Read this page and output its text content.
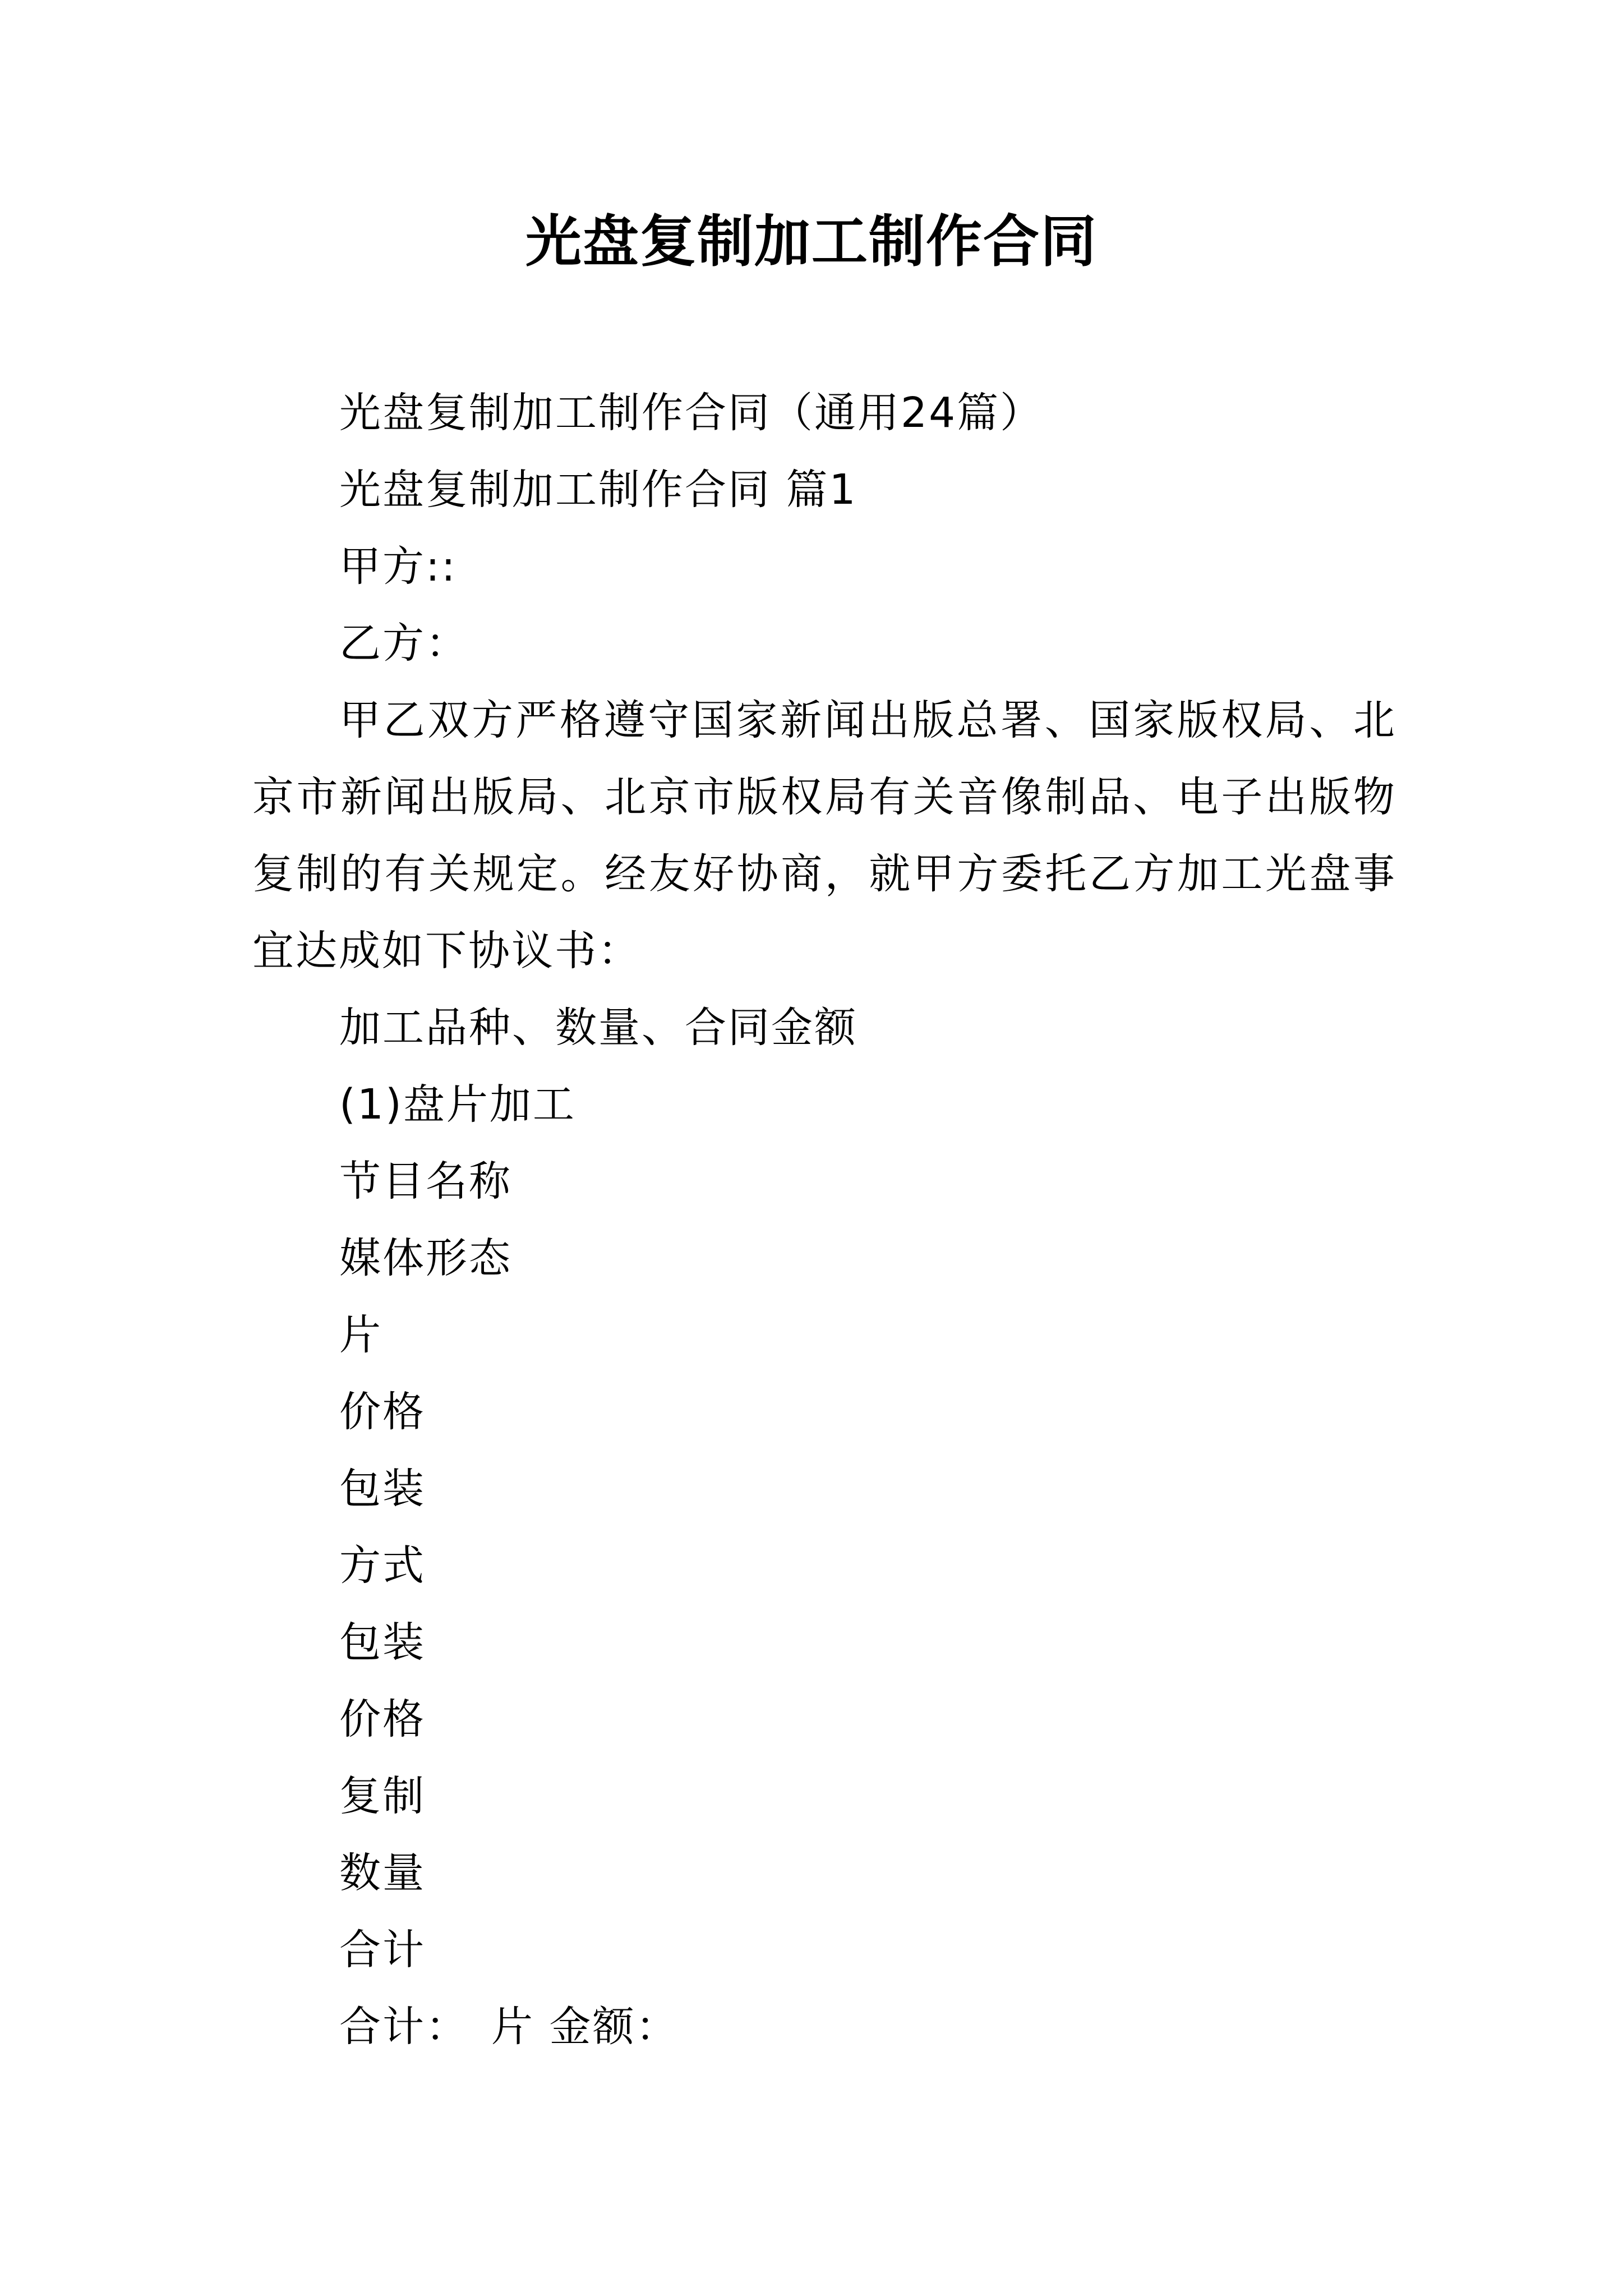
光盘复制加工制作合同

光盘复制加工制作合同（通用24篇）

光盘复制加工制作合同 篇1

甲方::

乙方：

甲乙双方严格遵守国家新闻出版总署、国家版权局、北京市新闻出版局、北京市版权局有关音像制品、电子出版物复制的有关规定。经友好协商，就甲方委托乙方加工光盘事宜达成如下协议书：

加工品种、数量、合同金额

(1)盘片加工

节目名称

媒体形态

片

价格

包装

方式

包装

价格

复制

数量

合计

合计：　片 金额：
